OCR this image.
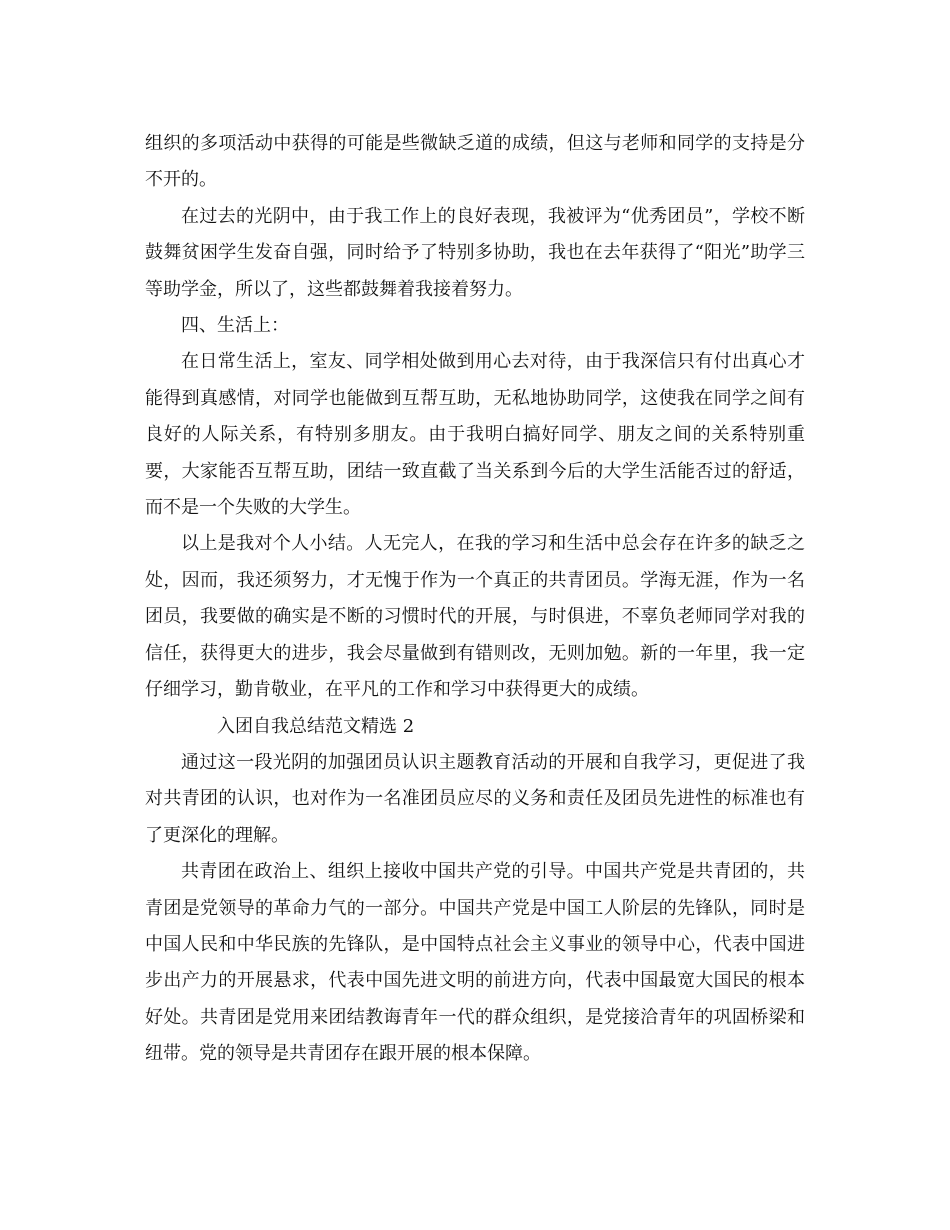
组织的多项活动中获得的可能是些微缺乏道的成绩，但这与老师和同学的支持是分不开的。

在过去的光阴中，由于我工作上的良好表现，我被评为“优秀团员”，学校不断鼓舞贫困学生发奋自强，同时给予了特别多协助，我也在去年获得了“阳光”助学三等助学金，所以了，这些都鼓舞着我接着努力。

四、生活上：

在日常生活上，室友、同学相处做到用心去对待，由于我深信只有付出真心才能得到真感情，对同学也能做到互帮互助，无私地协助同学，这使我在同学之间有良好的人际关系，有特别多朋友。由于我明白搞好同学、朋友之间的关系特别重要，大家能否互帮互助，团结一致直截了当关系到今后的大学生活能否过的舒适，而不是一个失败的大学生。

以上是我对个人小结。人无完人，在我的学习和生活中总会存在许多的缺乏之处，因而，我还须努力，才无愧于作为一个真正的共青团员。学海无涯，作为一名团员，我要做的确实是不断的习惯时代的开展，与时俱进，不辜负老师同学对我的信任，获得更大的进步，我会尽量做到有错则改，无则加勉。新的一年里，我一定仔细学习，勤肯敬业，在平凡的工作和学习中获得更大的成绩。

入团自我总结范文精选 2

通过这一段光阴的加强团员认识主题教育活动的开展和自我学习，更促进了我对共青团的认识，也对作为一名准团员应尽的义务和责任及团员先进性的标准也有了更深化的理解。

共青团在政治上、组织上接收中国共产党的引导。中国共产党是共青团的，共青团是党领导的革命力气的一部分。中国共产党是中国工人阶层的先锋队，同时是中国人民和中华民族的先锋队，是中国特点社会主义事业的领导中心，代表中国进步出产力的开展悬求，代表中国先进文明的前进方向，代表中国最宽大国民的根本好处。共青团是党用来团结教诲青年一代的群众组织，是党接洽青年的巩固桥梁和纽带。党的领导是共青团存在跟开展的根本保障。
